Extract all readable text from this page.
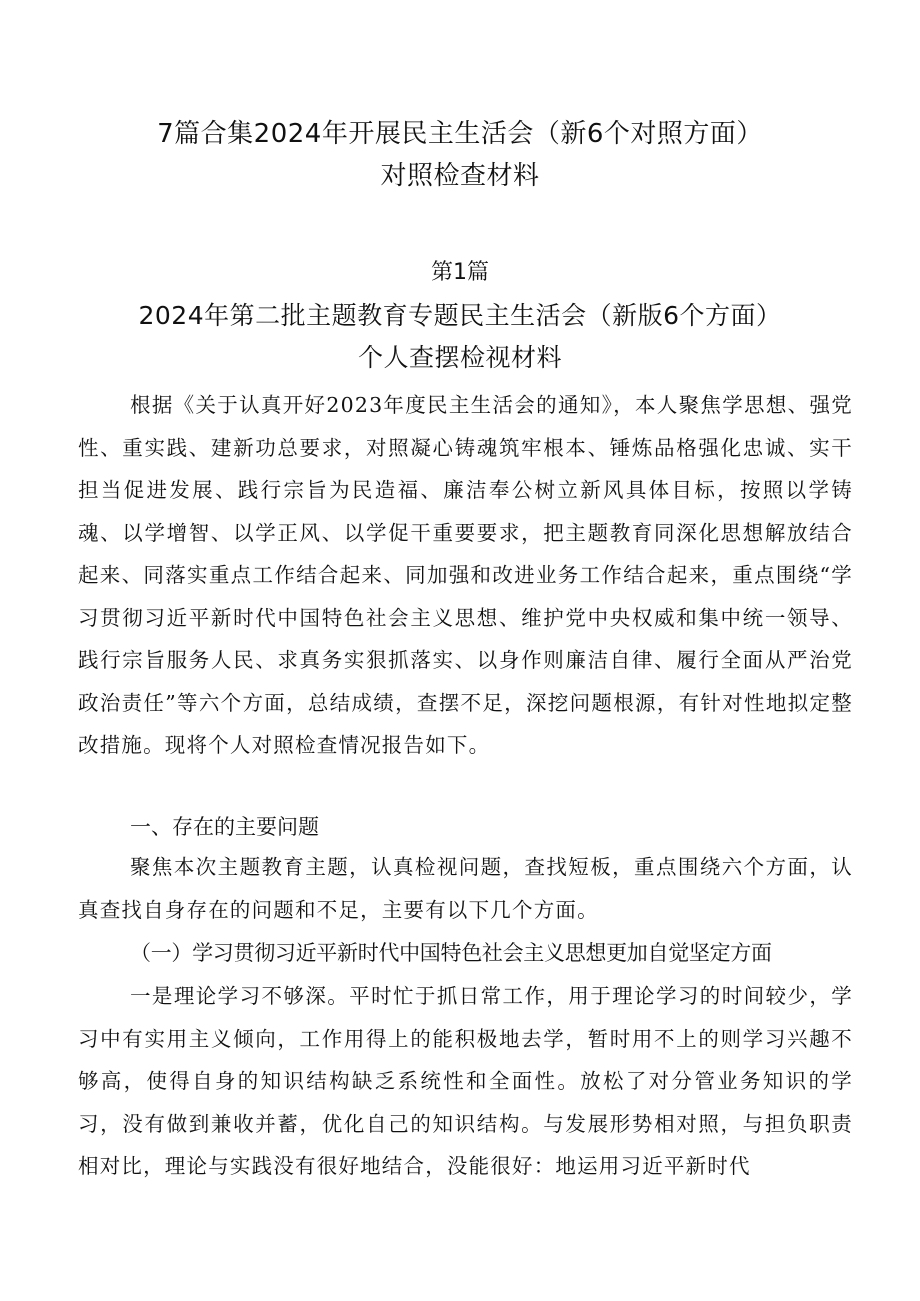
7篇合集2024年开展民主生活会（新6个对照方面）
对照检查材料
第1篇
2024年第二批主题教育专题民主生活会（新版6个方面）
个人查摆检视材料

根据《关于认真开好2023年度民主生活会的通知》，本人聚焦学思想、强党性、重实践、建新功总要求，对照凝心铸魂筑牢根本、锤炼品格强化忠诚、实干担当促进发展、践行宗旨为民造福、廉洁奉公树立新风具体目标，按照以学铸魂、以学增智、以学正风、以学促干重要要求，把主题教育同深化思想解放结合起来、同落实重点工作结合起来、同加强和改进业务工作结合起来，重点围绕“学习贯彻习近平新时代中国特色社会主义思想、维护党中央权威和集中统一领导、践行宗旨服务人民、求真务实狠抓落实、以身作则廉洁自律、履行全面从严治党政治责任”等六个方面，总结成绩，查摆不足，深挖问题根源，有针对性地拟定整改措施。现将个人对照检查情况报告如下。

一、存在的主要问题

聚焦本次主题教育主题，认真检视问题，查找短板，重点围绕六个方面，认真查找自身存在的问题和不足，主要有以下几个方面。

（一）学习贯彻习近平新时代中国特色社会主义思想更加自觉坚定方面

一是理论学习不够深。平时忙于抓日常工作，用于理论学习的时间较少，学习中有实用主义倾向，工作用得上的能积极地去学，暂时用不上的则学习兴趣不够高，使得自身的知识结构缺乏系统性和全面性。放松了对分管业务知识的学习，没有做到兼收并蓄，优化自己的知识结构。与发展形势相对照，与担负职责相对比，理论与实践没有很好地结合，没能很好：地运用习近平新时代
